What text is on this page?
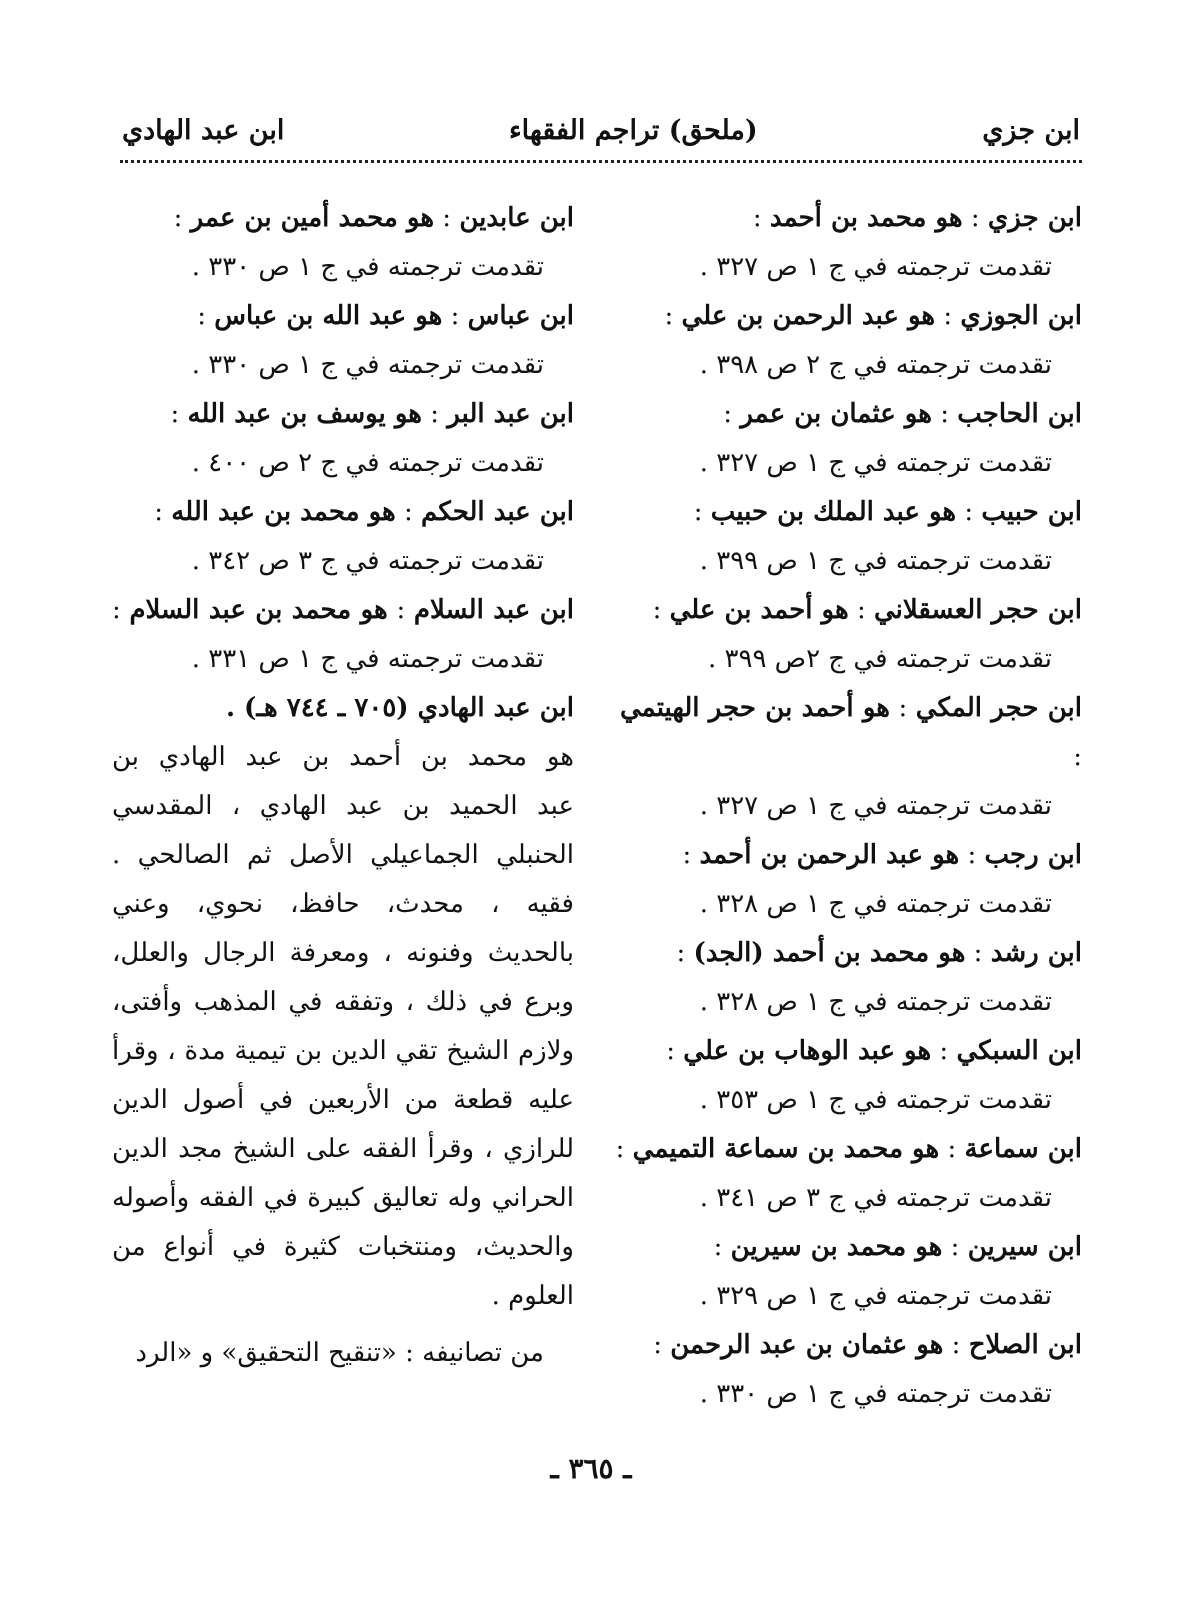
ابن جزي
(ملحق) تراجم الفقهاء
ابن عبد الهادي
ابن جزي : هو محمد بن أحمد :
تقدمت ترجمته في ج ١ ص ٣٢٧ .
ابن الجوزي : هو عبد الرحمن بن علي :
تقدمت ترجمته في ج ٢ ص ٣٩٨ .
ابن الحاجب : هو عثمان بن عمر :
تقدمت ترجمته في ج ١ ص ٣٢٧ .
ابن حبيب : هو عبد الملك بن حبيب :
تقدمت ترجمته في ج ١ ص ٣٩٩ .
ابن حجر العسقلاني : هو أحمد بن علي :
تقدمت ترجمته في ج ٢ص ٣٩٩ .
ابن حجر المكي : هو أحمد بن حجر الهيتمي :
تقدمت ترجمته في ج ١ ص ٣٢٧ .
ابن رجب : هو عبد الرحمن بن أحمد :
تقدمت ترجمته في ج ١ ص ٣٢٨ .
ابن رشد : هو محمد بن أحمد (الجد) :
تقدمت ترجمته في ج ١ ص ٣٢٨ .
ابن السبكي : هو عبد الوهاب بن علي :
تقدمت ترجمته في ج ١ ص ٣٥٣ .
ابن سماعة : هو محمد بن سماعة التميمي :
تقدمت ترجمته في ج ٣ ص ٣٤١ .
ابن سيرين : هو محمد بن سيرين :
تقدمت ترجمته في ج ١ ص ٣٢٩ .
ابن الصلاح : هو عثمان بن عبد الرحمن :
تقدمت ترجمته في ج ١ ص ٣٣٠ .
ابن عابدين : هو محمد أمين بن عمر :
تقدمت ترجمته في ج ١ ص ٣٣٠ .
ابن عباس : هو عبد الله بن عباس :
تقدمت ترجمته في ج ١ ص ٣٣٠ .
ابن عبد البر : هو يوسف بن عبد الله :
تقدمت ترجمته في ج ٢ ص ٤٠٠ .
ابن عبد الحكم : هو محمد بن عبد الله :
تقدمت ترجمته في ج ٣ ص ٣٤٢ .
ابن عبد السلام : هو محمد بن عبد السلام :
تقدمت ترجمته في ج ١ ص ٣٣١ .
ابن عبد الهادي (٧٠٥ ـ ٧٤٤ هـ) .
هو محمد بن أحمد بن عبد الهادي بن
عبد الحميد بن عبد الهادي ، المقدسي
الحنبلي الجماعيلي الأصل ثم الصالحي .
فقيه ، محدث، حافظ، نحوي، وعني
بالحديث وفنونه ، ومعرفة الرجال والعلل،
وبرع في ذلك ، وتفقه في المذهب وأفتى،
ولازم الشيخ تقي الدين بن تيمية مدة ، وقرأ
عليه قطعة من الأربعين في أصول الدين
للرازي ، وقرأ الفقه على الشيخ مجد الدين
الحراني وله تعاليق كبيرة في الفقه وأصوله
والحديث، ومنتخبات كثيرة في أنواع من
العلوم .
من تصانيفه : «تنقيح التحقيق» و «الرد
ـ ٣٦٥ ـ
